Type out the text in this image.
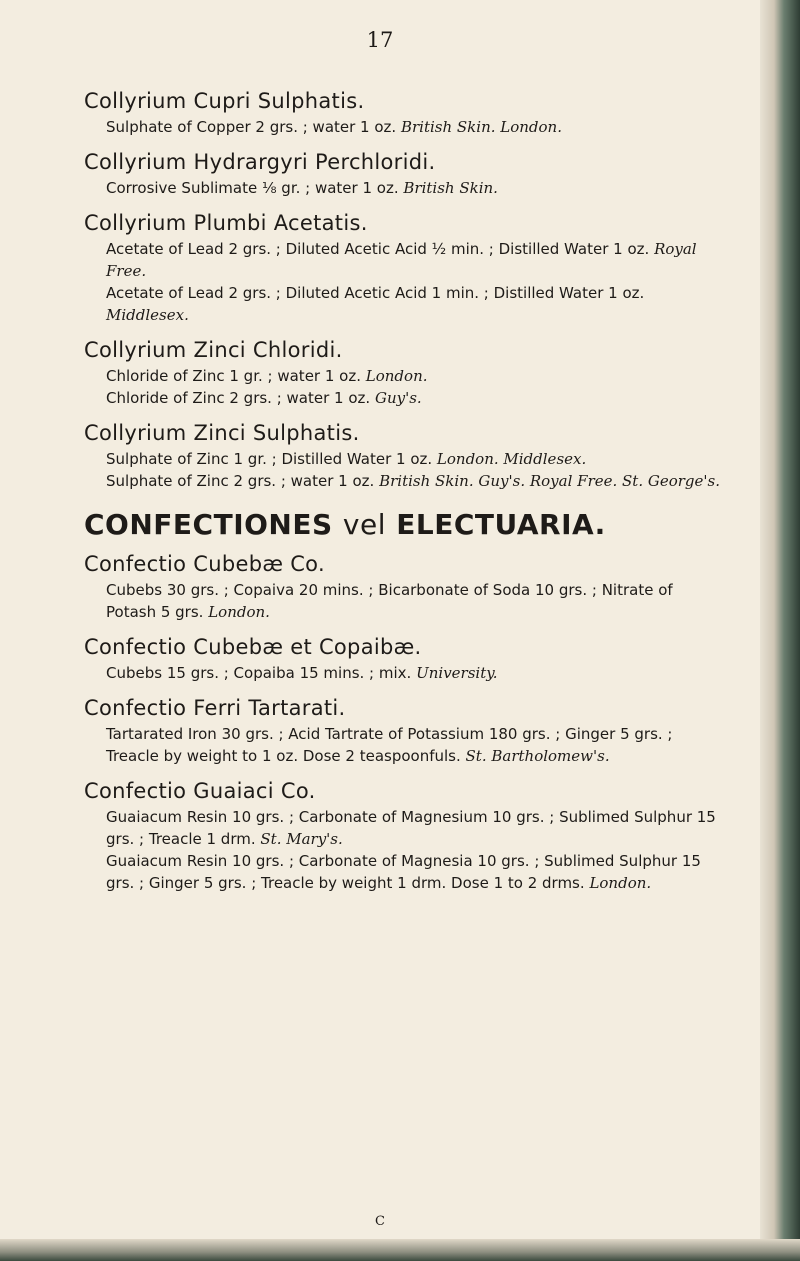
17
Collyrium Cupri Sulphatis.
Sulphate of Copper 2 grs. ; water 1 oz. British Skin. London.
Collyrium Hydrargyri Perchloridi.
Corrosive Sublimate ⅛ gr. ; water 1 oz. British Skin.
Collyrium Plumbi Acetatis.
Acetate of Lead 2 grs. ; Diluted Acetic Acid ½ min. ; Distilled Water 1 oz. Royal Free.
Acetate of Lead 2 grs. ; Diluted Acetic Acid 1 min. ; Distilled Water 1 oz. Middlesex.
Collyrium Zinci Chloridi.
Chloride of Zinc 1 gr. ; water 1 oz. London.
Chloride of Zinc 2 grs. ; water 1 oz. Guy's.
Collyrium Zinci Sulphatis.
Sulphate of Zinc 1 gr. ; Distilled Water 1 oz. London. Middlesex.
Sulphate of Zinc 2 grs. ; water 1 oz. British Skin. Guy's. Royal Free. St. George's.
CONFECTIONES vel ELECTUARIA.
Confectio Cubebæ Co.
Cubebs 30 grs. ; Copaiva 20 mins. ; Bicarbonate of Soda 10 grs. ; Nitrate of Potash 5 grs. London.
Confectio Cubebæ et Copaibæ.
Cubebs 15 grs. ; Copaiba 15 mins. ; mix. University.
Confectio Ferri Tartarati.
Tartarated Iron 30 grs. ; Acid Tartrate of Potassium 180 grs. ; Ginger 5 grs. ; Treacle by weight to 1 oz. Dose 2 teaspoonfuls. St. Bartholomew's.
Confectio Guaiaci Co.
Guaiacum Resin 10 grs. ; Carbonate of Magnesium 10 grs. ; Sublimed Sulphur 15 grs. ; Treacle 1 drm. St. Mary's.
Guaiacum Resin 10 grs. ; Carbonate of Magnesia 10 grs. ; Sublimed Sulphur 15 grs. ; Ginger 5 grs. ; Treacle by weight 1 drm. Dose 1 to 2 drms. London.
C
